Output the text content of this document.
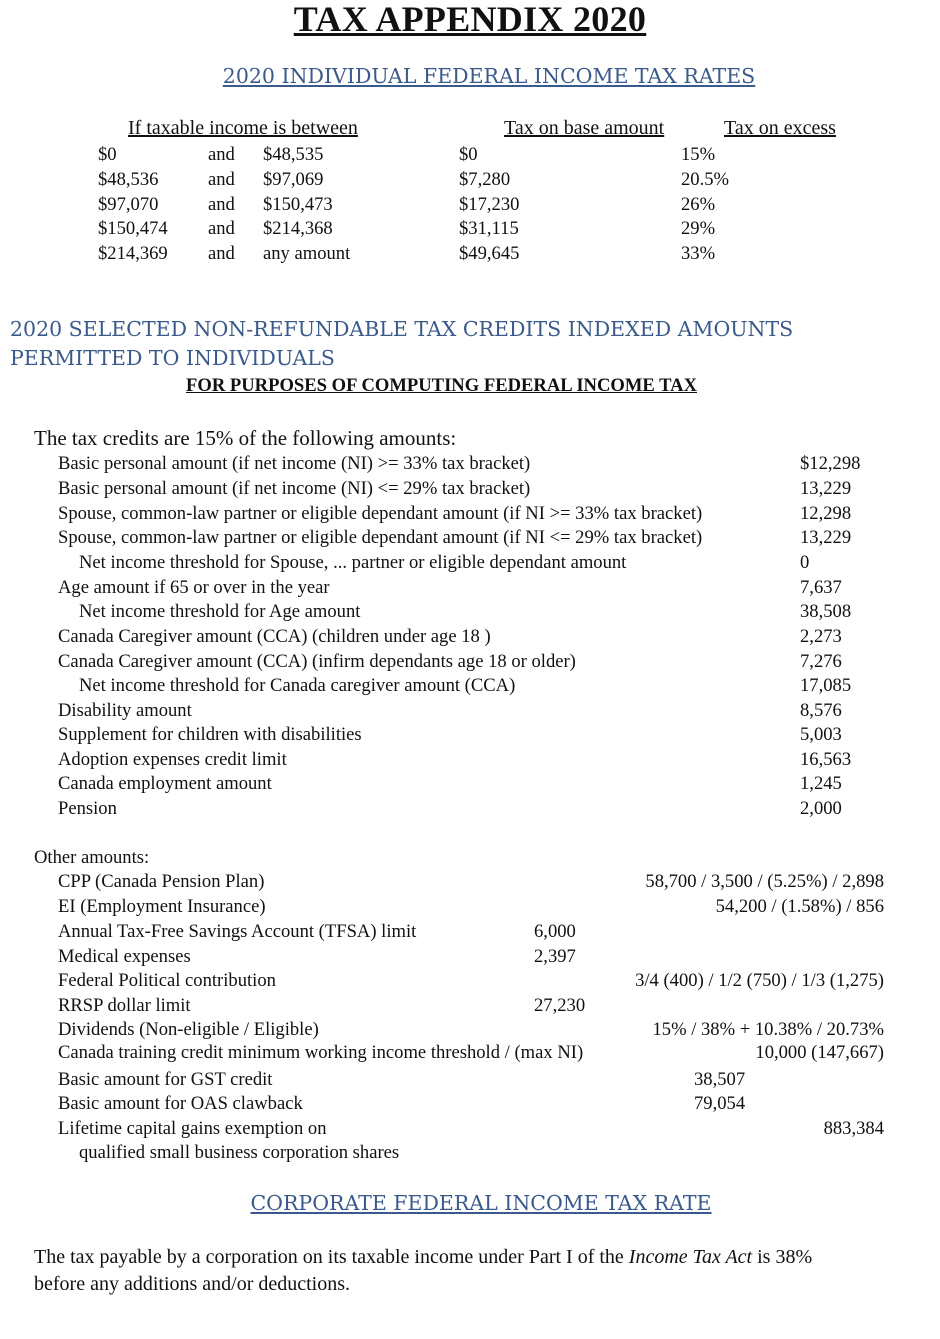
TAX APPENDIX 2020
2020 INDIVIDUAL FEDERAL INCOME TAX RATES
If taxable income is between	Tax on base amount	Tax on excess
$0	and $48,535	$0	15%
$48,536	and $97,069	$7,280	20.5%
$97,070	and $150,473	$17,230	26%
$150,474 and $214,368	$31,115	29%
$214,369 and any amount	$49,645	33%
2020 SELECTED NON-REFUNDABLE TAX CREDITS INDEXED AMOUNTS
PERMITTED TO INDIVIDUALS
FOR PURPOSES OF COMPUTING FEDERAL INCOME TAX
The tax credits are 15% of the following amounts:
Basic personal amount (if net income (NI) >= 33% tax bracket)	$12,298
Basic personal amount (if net income (NI) <= 29% tax bracket)	13,229
Spouse, common-law partner or eligible dependant amount (if NI >= 33% tax bracket)	12,298
Spouse, common-law partner or eligible dependant amount (if NI <= 29% tax bracket)	13,229
Net income threshold for Spouse, ... partner or eligible dependant amount	0
Age amount if 65 or over in the year	7,637
Net income threshold for Age amount	38,508
Canada Caregiver amount (CCA) (children under age 18 )	2,273
Canada Caregiver amount (CCA) (infirm dependants age 18 or older)	7,276
Net income threshold for Canada caregiver amount (CCA)	17,085
Disability amount	8,576
Supplement for children with disabilities	5,003
Adoption expenses credit limit	16,563
Canada employment amount	1,245
Pension	2,000
Other amounts:
CPP (Canada Pension Plan)	58,700 / 3,500 / (5.25%) / 2,898
EI (Employment Insurance)	54,200 / (1.58%) / 856
Annual Tax-Free Savings Account (TFSA) limit	6,000
Medical expenses	2,397
Federal Political contribution	3/4 (400) / 1/2 (750) / 1/3 (1,275)
RRSP dollar limit	27,230
Dividends (Non-eligible / Eligible)	15% / 38% + 10.38% / 20.73%
Canada training credit minimum working income threshold / (max NI)	10,000 (147,667)
Basic amount for GST credit	38,507
Basic amount for OAS clawback	79,054
Lifetime capital gains exemption on
qualified small business corporation shares
883,384
CORPORATE FEDERAL INCOME TAX RATE
The tax payable by a corporation on its taxable income under Part I of the Income Tax Act is 38%
before any additions and/or deductions.
